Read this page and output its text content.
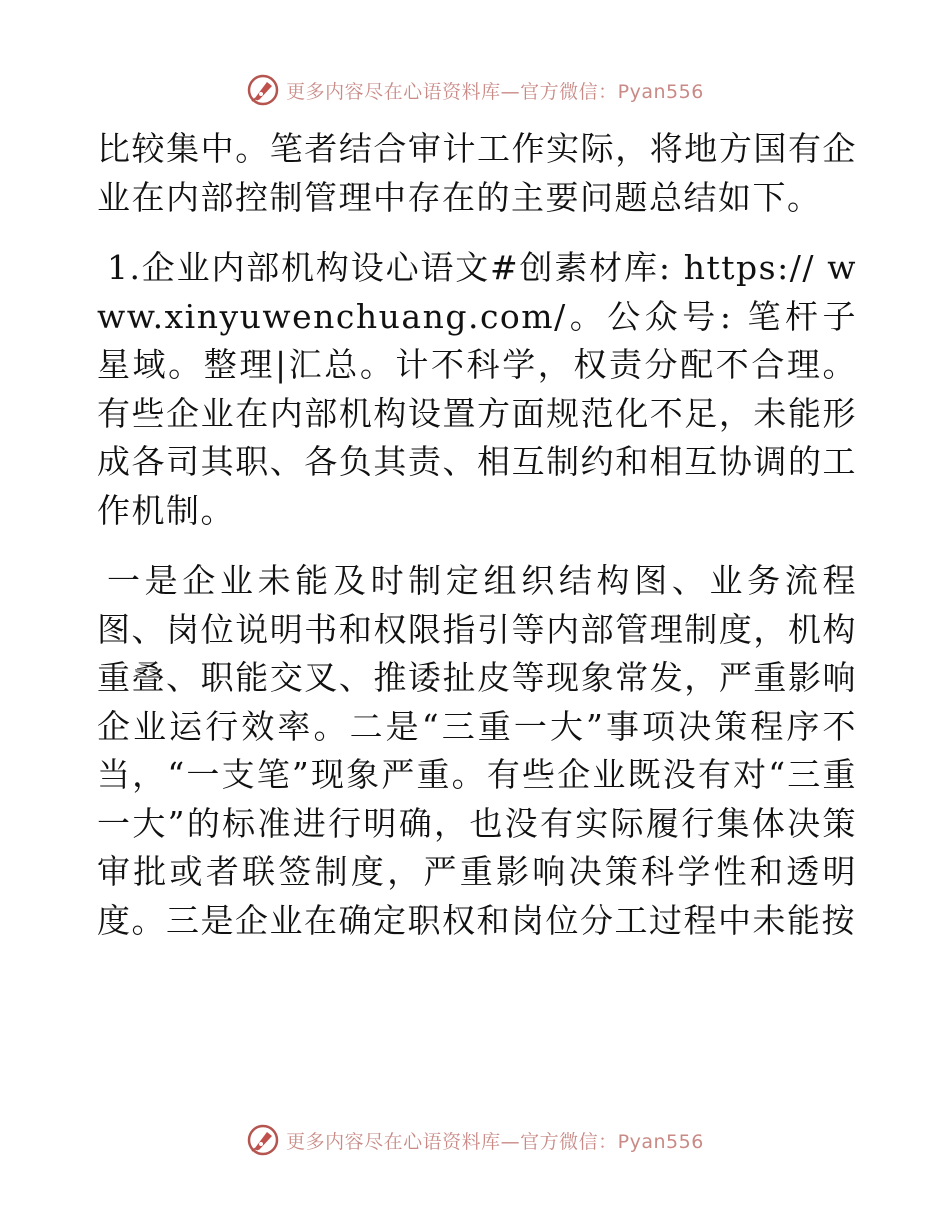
更多内容尽在心语资料库—官方微信：Pyan556

比较集中。笔者结合审计工作实际，将地方国有企业在内部控制管理中存在的主要问题总结如下。

1.企业内部机构设心语文#创素材库: https:// www.xinyuwenchuang.com/。公众号: 笔杆子星域。整理|汇总。计不科学，权责分配不合理。有些企业在内部机构设置方面规范化不足，未能形成各司其职、各负其责、相互制约和相互协调的工作机制。

一是企业未能及时制定组织结构图、业务流程图、岗位说明书和权限指引等内部管理制度，机构重叠、职能交叉、推诿扯皮等现象常发，严重影响企业运行效率。二是“三重一大”事项决策程序不当，“一支笔”现象严重。有些企业既没有对“三重一大”的标准进行明确，也没有实际履行集体决策审批或者联签制度，严重影响决策科学性和透明度。三是企业在确定职权和岗位分工过程中未能按

更多内容尽在心语资料库—官方微信：Pyan556
